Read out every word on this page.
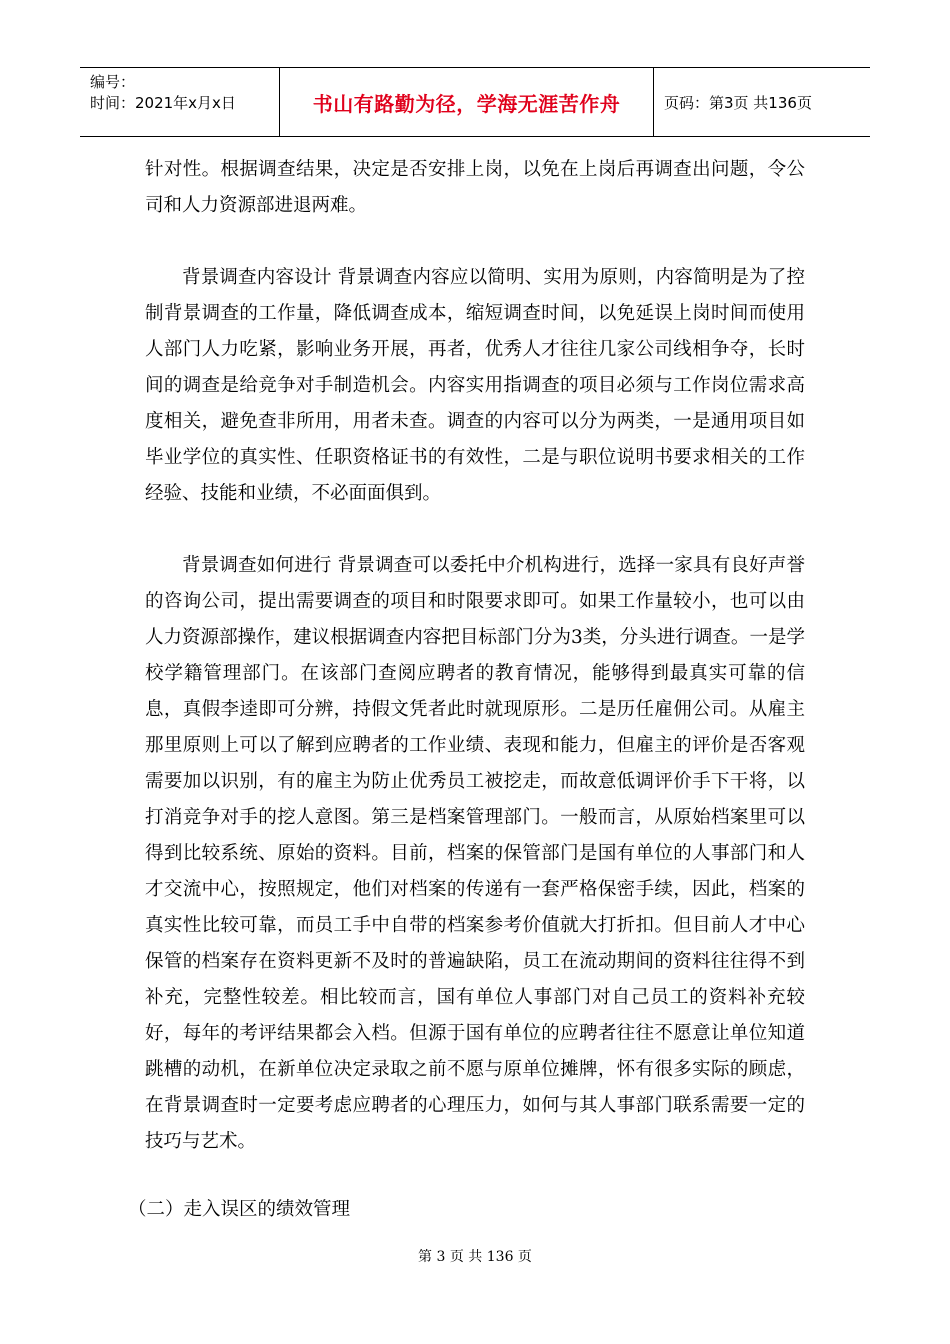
编号：
时间：2021年x月x日	书山有路勤为径，学海无涯苦作舟	页码：第3页 共136页

针对性。根据调查结果，决定是否安排上岗，以免在上岗后再调查出问题，令公司和人力资源部进退两难。

背景调查内容设计 背景调查内容应以简明、实用为原则，内容简明是为了控制背景调查的工作量，降低调查成本，缩短调查时间，以免延误上岗时间而使用人部门人力吃紧，影响业务开展，再者，优秀人才往往几家公司线相争夺，长时间的调查是给竞争对手制造机会。内容实用指调查的项目必须与工作岗位需求高度相关，避免查非所用，用者未查。调查的内容可以分为两类，一是通用项目如毕业学位的真实性、任职资格证书的有效性，二是与职位说明书要求相关的工作经验、技能和业绩，不必面面俱到。

背景调查如何进行 背景调查可以委托中介机构进行，选择一家具有良好声誉的咨询公司，提出需要调查的项目和时限要求即可。如果工作量较小，也可以由人力资源部操作，建议根据调查内容把目标部门分为3类，分头进行调查。一是学校学籍管理部门。在该部门查阅应聘者的教育情况，能够得到最真实可靠的信息，真假李逵即可分辨，持假文凭者此时就现原形。二是历任雇佣公司。从雇主那里原则上可以了解到应聘者的工作业绩、表现和能力，但雇主的评价是否客观需要加以识别，有的雇主为防止优秀员工被挖走，而故意低调评价手下干将，以打消竞争对手的挖人意图。第三是档案管理部门。一般而言，从原始档案里可以得到比较系统、原始的资料。目前，档案的保管部门是国有单位的人事部门和人才交流中心，按照规定，他们对档案的传递有一套严格保密手续，因此，档案的真实性比较可靠，而员工手中自带的档案参考价值就大打折扣。但目前人才中心保管的档案存在资料更新不及时的普遍缺陷，员工在流动期间的资料往往得不到补充，完整性较差。相比较而言，国有单位人事部门对自己员工的资料补充较好，每年的考评结果都会入档。但源于国有单位的应聘者往往不愿意让单位知道跳槽的动机，在新单位决定录取之前不愿与原单位摊牌，怀有很多实际的顾虑，在背景调查时一定要考虑应聘者的心理压力，如何与其人事部门联系需要一定的技巧与艺术。

（二）走入误区的绩效管理
第 3 页 共 136 页
